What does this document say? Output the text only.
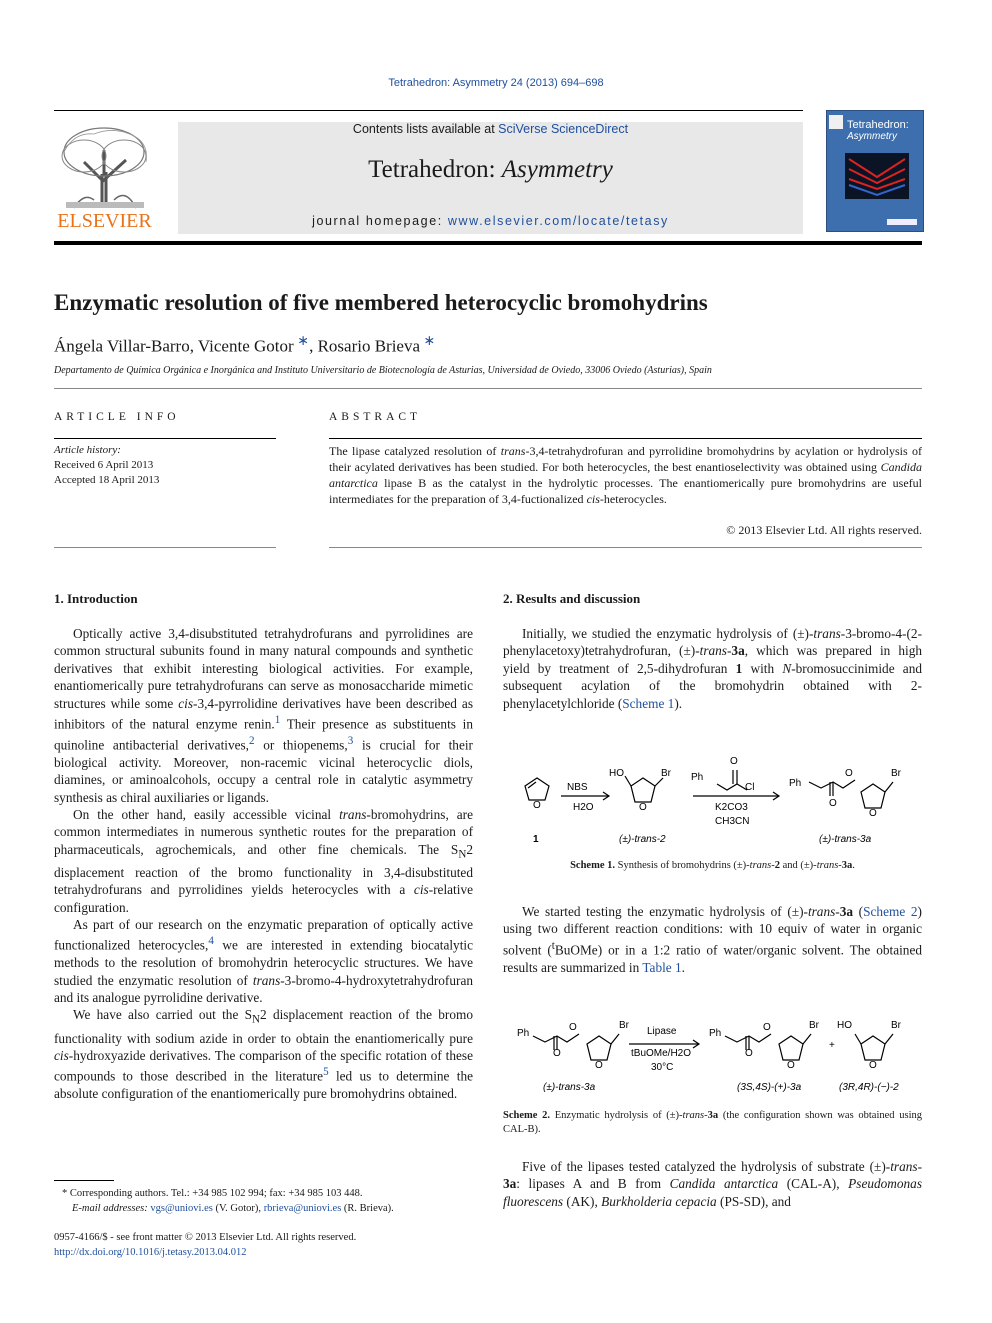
Tetrahedron: Asymmetry 24 (2013) 694–698
ELSEVIER
Contents lists available at SciVerse ScienceDirect
Tetrahedron: Asymmetry
journal homepage: www.elsevier.com/locate/tetasy
Tetrahedron:
Asymmetry
Enzymatic resolution of five membered heterocyclic bromohydrins
Ángela Villar-Barro, Vicente Gotor ∗, Rosario Brieva ∗
Departamento de Química Orgánica e Inorgánica and Instituto Universitario de Biotecnología de Asturias, Universidad de Oviedo, 33006 Oviedo (Asturias), Spain
ARTICLE INFO	ABSTRACT
Article history:
Received 6 April 2013
Accepted 18 April 2013
The lipase catalyzed resolution of trans-3,4-tetrahydrofuran and pyrrolidine bromohydrins by acylation or hydrolysis of their acylated derivatives has been studied. For both heterocycles, the best enantioselectivity was obtained using Candida antarctica lipase B as the catalyst in the hydrolytic processes. The enantiomerically pure bromohydrins are useful intermediates for the preparation of 3,4-fuctionalized cis-heterocycles.
© 2013 Elsevier Ltd. All rights reserved.
1. Introduction

Optically active 3,4-disubstituted tetrahydrofurans and pyrrolidines are common structural subunits found in many natural compounds and synthetic derivatives that exhibit interesting biological activities. For example, enantiomerically pure tetrahydrofurans can serve as monosaccharide mimetic structures while some cis-3,4-pyrrolidine derivatives have been described as inhibitors of the natural enzyme renin.$^1$ Their presence as substituents in quinoline antibacterial derivatives,$^2$ or thiopenems,$^3$ is crucial for their biological activity. Moreover, non-racemic vicinal heterocyclic diols, diamines, or aminoalcohols, occupy a central role in catalytic asymmetry synthesis as chiral auxiliaries or ligands.

On the other hand, easily accessible vicinal trans-bromohydrins, are common intermediates in numerous synthetic routes for the preparation of pharmaceuticals, agrochemicals, and other fine chemicals. The $S_N2$ displacement reaction of the bromo functionality in 3,4-disubstituted tetrahydrofurans and pyrrolidines yields heterocycles with a cis-relative configuration.

As part of our research on the enzymatic preparation of optically active functionalized heterocycles,$^4$ we are interested in extending biocatalytic methods to the resolution of bromohydrin heterocyclic structures. We have studied the enzymatic resolution of trans-3-bromo-4-hydroxytetrahydrofuran and its analogue pyrrolidine derivative.

We have also carried out the $S_N2$ displacement reaction of the bromo functionality with sodium azide in order to obtain the enantiomerically pure cis-hydroxyazide derivatives. The comparison of the specific rotation of these compounds to those described in the literature$^5$ led us to determine the absolute configuration of the enantiomerically pure bromohydrins obtained.

* Corresponding authors. Tel.: +34 985 102 994; fax: +34 985 103 448.
E-mail addresses: vgs@uniovi.es (V. Gotor), rbrieva@uniovi.es (R. Brieva).
0957-4166/$ - see front matter © 2013 Elsevier Ltd. All rights reserved.
http://dx.doi.org/10.1016/j.tetasy.2013.04.012
2. Results and discussion

Initially, we studied the enzymatic hydrolysis of (±)-trans-3-bromo-4-(2-phenylacetoxy)tetrahydrofuran, (±)-trans-3a, which was prepared in high yield by treatment of 2,5-dihydrofuran 1 with N-bromosuccinimide and subsequent acylation of the bromohydrin obtained with 2-phenylacetylchloride (Scheme 1).

O
NBS
H2O
HO	Br
O
Ph
O
Cl
K2CO3
CH3CN
Ph
O
O	Br
O
1	(±)-trans-2	(±)-trans-3a
Scheme 1. Synthesis of bromohydrins (±)-trans-2 and (±)-trans-3a.

We started testing the enzymatic hydrolysis of (±)-trans-3a (Scheme 2) using two different reaction conditions: with 10 equiv of water in organic solvent ($^t$BuOMe) or in a 1:2 ratio of water/organic solvent. The obtained results are summarized in Table 1.

Ph
O
O	Br
O
Lipase
tBuOMe/H2O
30°C
Ph
O
O	Br
O
+
HO	Br
O
(±)-trans-3a	(3S,4S)-(+)-3a	(3R,4R)-(−)-2
Scheme 2. Enzymatic hydrolysis of (±)-trans-3a (the configuration shown was obtained using CAL-B).

Five of the lipases tested catalyzed the hydrolysis of substrate (±)-trans-3a: lipases A and B from Candida antarctica (CAL-A), Pseudomonas fluorescens (AK), Burkholderia cepacia (PS-SD), and
